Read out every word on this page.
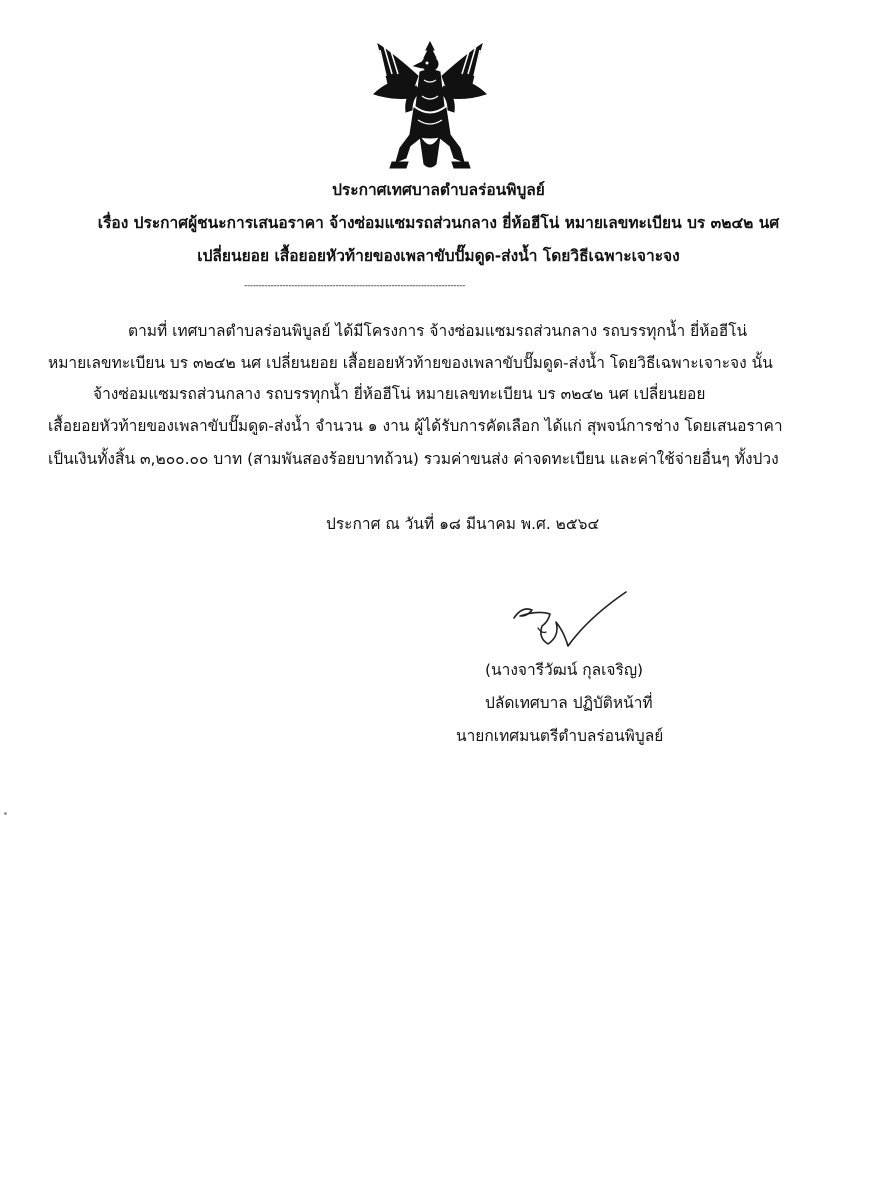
ประกาศเทศบาลตำบลร่อนพิบูลย์
เรื่อง ประกาศผู้ชนะการเสนอราคา จ้างซ่อมแซมรถส่วนกลาง ยี่ห้อฮีโน่ หมายเลขทะเบียน บร ๓๒๔๒ นศ
เปลี่ยนยอย เสื้อยอยหัวท้ายของเพลาขับปั๊มดูด-ส่งน้ำ โดยวิธีเฉพาะเจาะจง
---------------------------------------------------------------------------
ตามที่ เทศบาลตำบลร่อนพิบูลย์ ได้มีโครงการ จ้างซ่อมแซมรถส่วนกลาง รถบรรทุกน้ำ ยี่ห้อฮีโน่
หมายเลขทะเบียน บร ๓๒๔๒ นศ เปลี่ยนยอย เสื้อยอยหัวท้ายของเพลาขับปั๊มดูด-ส่งน้ำ โดยวิธีเฉพาะเจาะจง นั้น
จ้างซ่อมแซมรถส่วนกลาง รถบรรทุกน้ำ ยี่ห้อฮีโน่ หมายเลขทะเบียน บร ๓๒๔๒ นศ เปลี่ยนยอย
เสื้อยอยหัวท้ายของเพลาขับปั๊มดูด-ส่งน้ำ จำนวน ๑ งาน ผู้ได้รับการคัดเลือก ได้แก่ สุพจน์การช่าง โดยเสนอราคา
เป็นเงินทั้งสิ้น ๓,๒๐๐.๐๐ บาท (สามพันสองร้อยบาทถ้วน) รวมค่าขนส่ง ค่าจดทะเบียน และค่าใช้จ่ายอื่นๆ ทั้งปวง
ประกาศ ณ วันที่ ๑๘ มีนาคม พ.ศ. ๒๕๖๔
(นางจารีวัฒน์ กุลเจริญ)
ปลัดเทศบาล ปฏิบัติหน้าที่
นายกเทศมนตรีตำบลร่อนพิบูลย์
